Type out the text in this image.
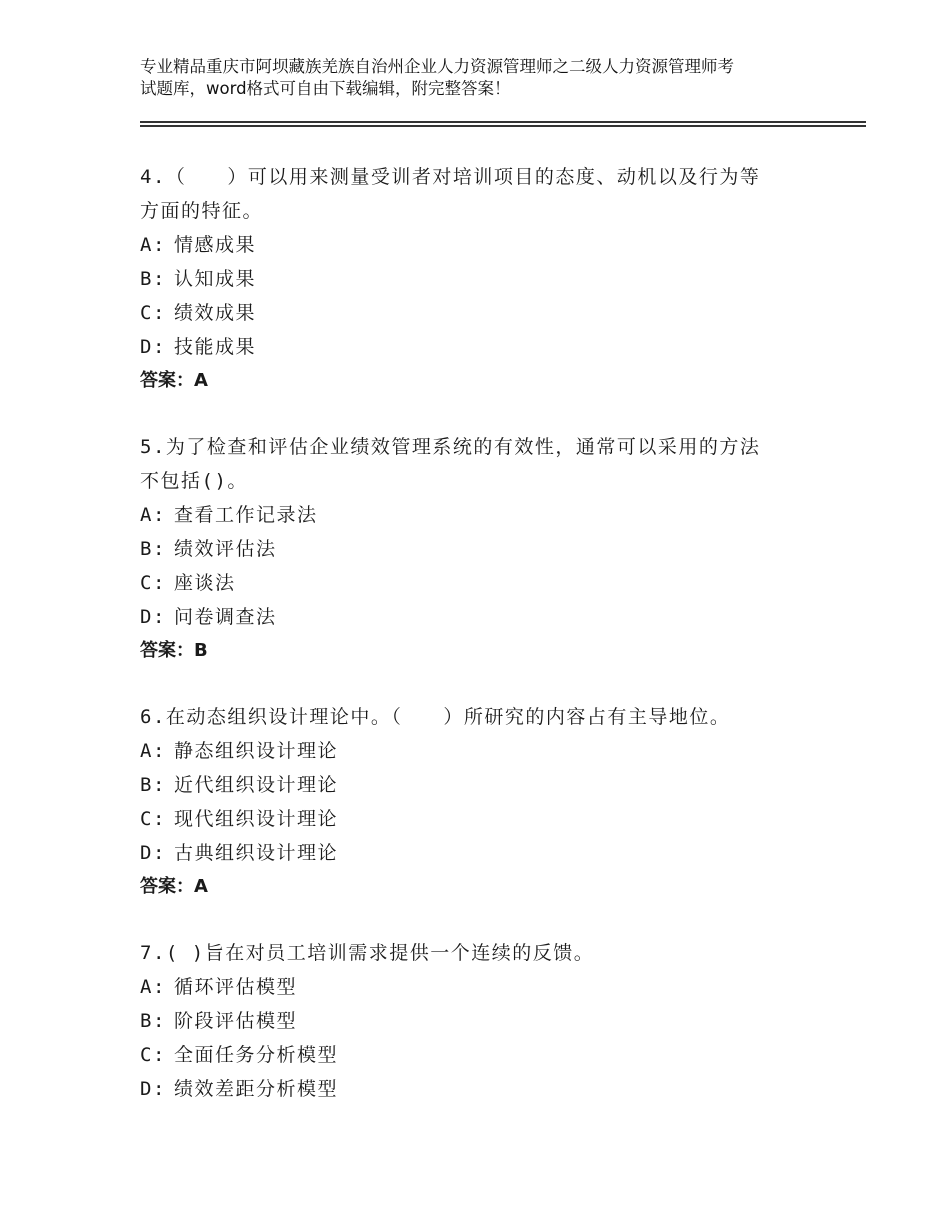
专业精品重庆市阿坝藏族羌族自治州企业人力资源管理师之二级人力资源管理师考
试题库，word格式可自由下载编辑，附完整答案！

4.（　　）可以用来测量受训者对培训项目的态度、动机以及行为等

方面的特征。

A: 情感成果

B: 认知成果

C: 绩效成果

D: 技能成果

答案：A

5.为了检查和评估企业绩效管理系统的有效性，通常可以采用的方法

不包括()。

A: 查看工作记录法

B: 绩效评估法

C: 座谈法

D: 问卷调查法

答案：B

6.在动态组织设计理论中。（　　）所研究的内容占有主导地位。

A: 静态组织设计理论

B: 近代组织设计理论

C: 现代组织设计理论

D: 古典组织设计理论

答案：A

7.( )旨在对员工培训需求提供一个连续的反馈。

A: 循环评估模型

B: 阶段评估模型

C: 全面任务分析模型

D: 绩效差距分析模型
